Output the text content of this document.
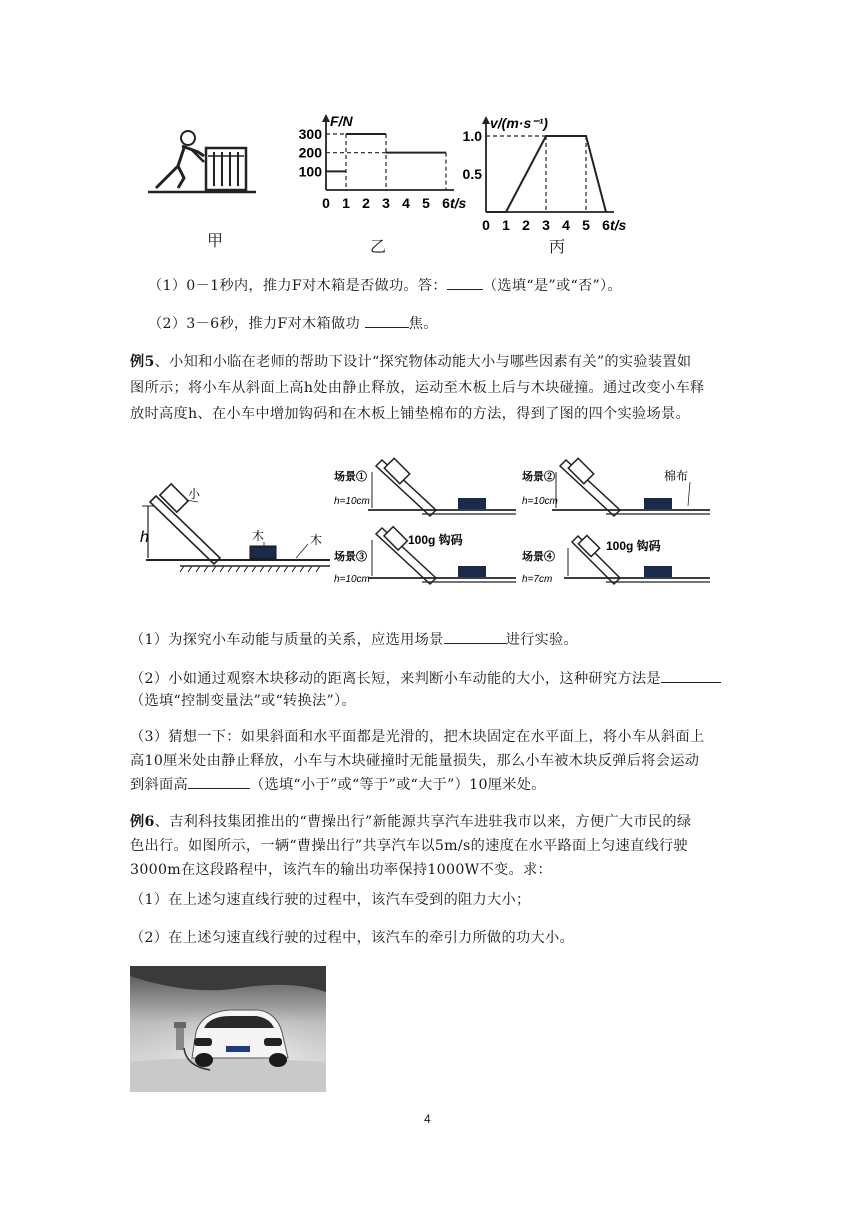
F/N
100
200
300
0 1 2 3 4 5 6 t/s
v/(m·s⁻¹)
0.5
1.0
0 1 2 3 4 5 6 t/s
甲	乙	丙
（1）0－1秒内，推力F对木箱是否做功。答：	（选填“是”或“否”）。
（2）3－6秒，推力F对木箱做功	焦。
例5、小知和小临在老师的帮助下设计“探究物体动能大小与哪些因素有关”的实验装置如
图所示；将小车从斜面上高h处由静止释放，运动至木板上后与木块碰撞。通过改变小车释
放时高度h、在小车中增加钩码和在木板上铺垫棉布的方法，得到了图的四个实验场景。
h
小
木	木
场景①
h=10cm
场景②
h=10cm
棉布
场景③
h=10cm
100g 钩码
场景④
h=7cm
100g 钩码
（1）为探究小车动能与质量的关系，应选用场景	进行实验。
（2）小如通过观察木块移动的距离长短，来判断小车动能的大小，这种研究方法是
（选填“控制变量法”或“转换法”）。
（3）猜想一下：如果斜面和水平面都是光滑的，把木块固定在水平面上，将小车从斜面上
高10厘米处由静止释放，小车与木块碰撞时无能量损失，那么小车被木块反弹后将会运动
到斜面高	（选填“小于”或“等于”或“大于”）10厘米处。
例6、吉利科技集团推出的“曹操出行”新能源共享汽车进驻我市以来，方便广大市民的绿
色出行。如图所示，一辆“曹操出行”共享汽车以5m/s的速度在水平路面上匀速直线行驶
3000m在这段路程中，该汽车的输出功率保持1000W不变。求：
（1）在上述匀速直线行驶的过程中，该汽车受到的阻力大小；
（2）在上述匀速直线行驶的过程中，该汽车的牵引力所做的功大小。
4
